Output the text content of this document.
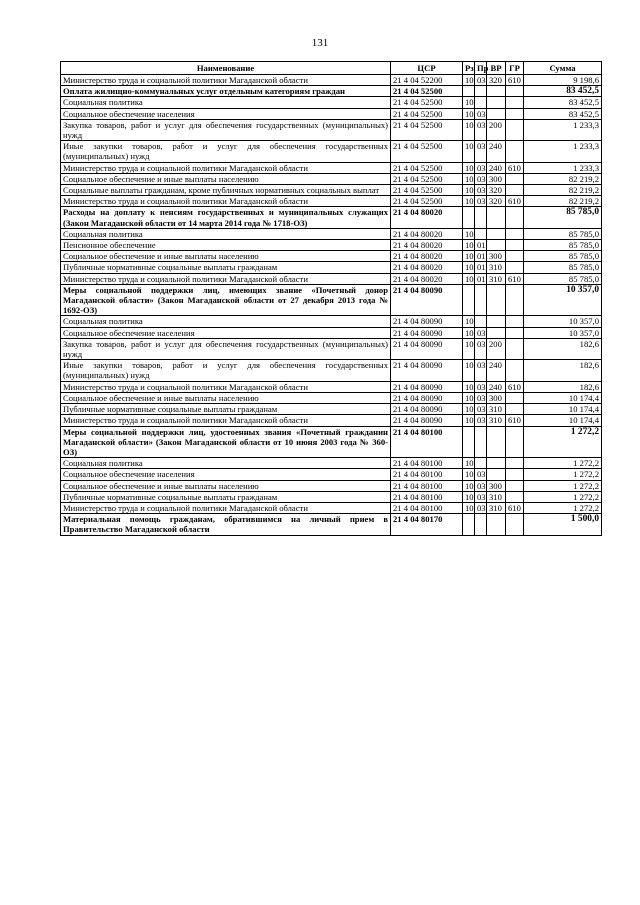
131
Наименование	ЦСР	Рз	Пр	ВР	ГР	Сумма
Министерство труда и социальной политики Магаданской области	21 4 04 52200	10	03	320	610	9 198,6
Оплата жилищно-коммунальных услуг отдельным категориям граждан	21 4 04 52500					83 452,5
Социальная политика	21 4 04 52500	10				83 452,5
Социальное обеспечение населения	21 4 04 52500	10	03			83 452,5
Закупка товаров, работ и услуг для обеспечения государственных (муниципальных) нужд	21 4 04 52500	10	03	200		1 233,3
Иные закупки товаров, работ и услуг для обеспечения государственных (муниципальных) нужд	21 4 04 52500	10	03	240		1 233,3
Министерство труда и социальной политики Магаданской области	21 4 04 52500	10	03	240	610	1 233,3
Социальное обеспечение и иные выплаты населению	21 4 04 52500	10	03	300		82 219,2
Социальные выплаты гражданам, кроме публичных нормативных социальных выплат	21 4 04 52500	10	03	320		82 219,2
Министерство труда и социальной политики Магаданской области	21 4 04 52500	10	03	320	610	82 219,2
Расходы на доплату к пенсиям государственных и муниципальных служащих (Закон Магаданской области от 14 марта 2014 года № 1718-ОЗ)	21 4 04 80020					85 785,0
Социальная политика	21 4 04 80020	10				85 785,0
Пенсионное обеспечение	21 4 04 80020	10	01			85 785,0
Социальное обеспечение и иные выплаты населению	21 4 04 80020	10	01	300		85 785,0
Публичные нормативные социальные выплаты гражданам	21 4 04 80020	10	01	310		85 785,0
Министерство труда и социальной политики Магаданской области	21 4 04 80020	10	01	310	610	85 785,0
Меры социальной поддержки лиц, имеющих звание «Почетный донор Магаданской области» (Закон Магаданской области от 27 декабря 2013 года № 1692-ОЗ)	21 4 04 80090					10 357,0
Социальная политика	21 4 04 80090	10				10 357,0
Социальное обеспечение населения	21 4 04 80090	10	03			10 357,0
Закупка товаров, работ и услуг для обеспечения государственных (муниципальных) нужд	21 4 04 80090	10	03	200		182,6
Иные закупки товаров, работ и услуг для обеспечения государственных (муниципальных) нужд	21 4 04 80090	10	03	240		182,6
Министерство труда и социальной политики Магаданской области	21 4 04 80090	10	03	240	610	182,6
Социальное обеспечение и иные выплаты населению	21 4 04 80090	10	03	300		10 174,4
Публичные нормативные социальные выплаты гражданам	21 4 04 80090	10	03	310		10 174,4
Министерство труда и социальной политики Магаданской области	21 4 04 80090	10	03	310	610	10 174,4
Меры социальной поддержки лиц, удостоенных звания «Почетный гражданин Магаданской области» (Закон Магаданской области от 10 июня 2003 года № 360-ОЗ)	21 4 04 80100					1 272,2
Социальная политика	21 4 04 80100	10				1 272,2
Социальное обеспечение населения	21 4 04 80100	10	03			1 272,2
Социальное обеспечение и иные выплаты населению	21 4 04 80100	10	03	300		1 272,2
Публичные нормативные социальные выплаты гражданам	21 4 04 80100	10	03	310		1 272,2
Министерство труда и социальной политики Магаданской области	21 4 04 80100	10	03	310	610	1 272,2
Материальная помощь гражданам, обратившимся на личный прием в Правительство Магаданской области	21 4 04 80170					1 500,0
